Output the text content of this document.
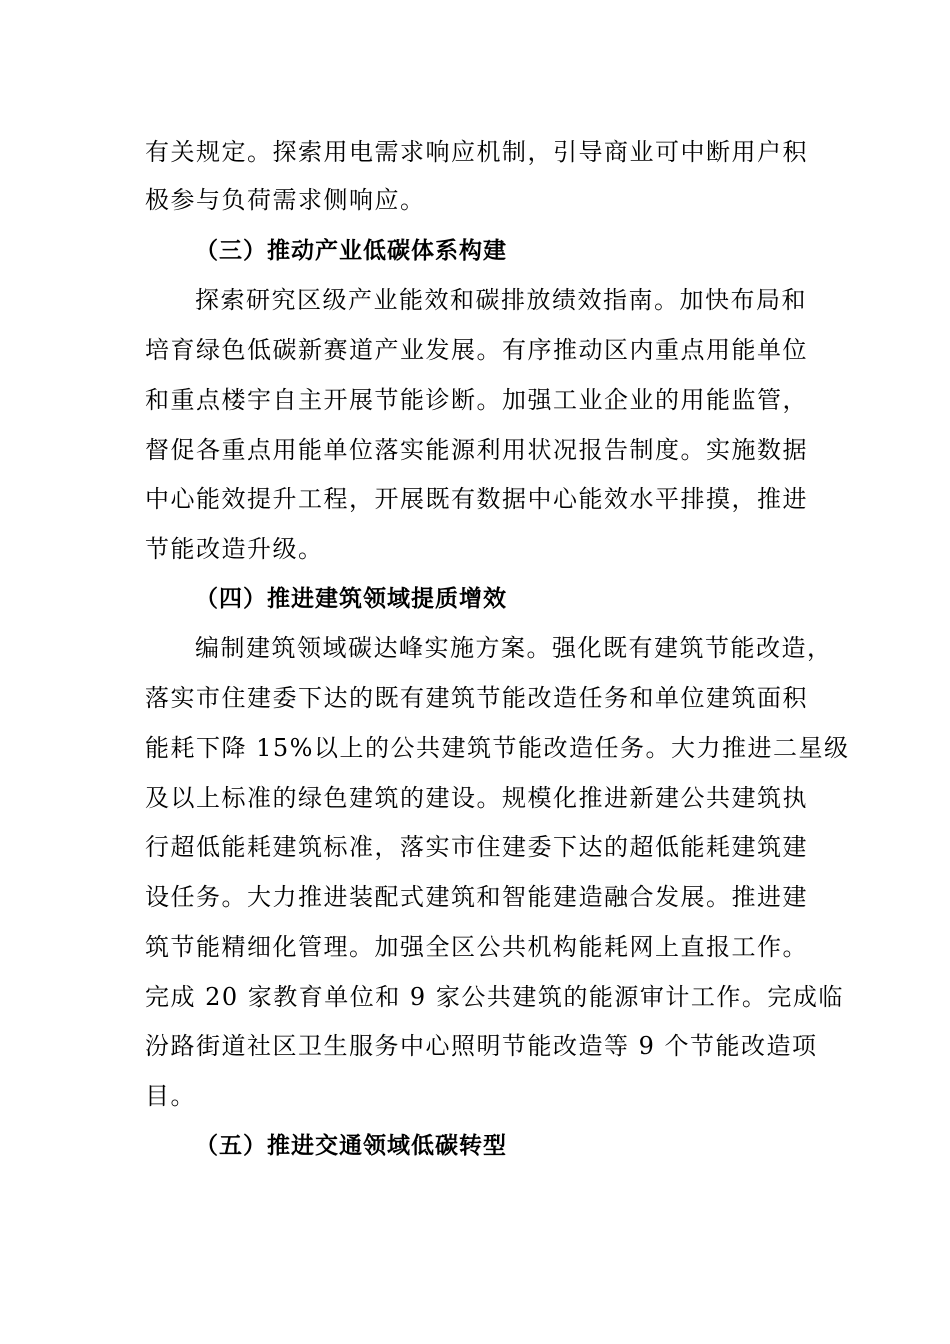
有关规定。探索用电需求响应机制，引导商业可中断用户积
极参与负荷需求侧响应。
（三）推动产业低碳体系构建
探索研究区级产业能效和碳排放绩效指南。加快布局和
培育绿色低碳新赛道产业发展。有序推动区内重点用能单位
和重点楼宇自主开展节能诊断。加强工业企业的用能监管，
督促各重点用能单位落实能源利用状况报告制度。实施数据
中心能效提升工程，开展既有数据中心能效水平排摸，推进
节能改造升级。
（四）推进建筑领域提质增效
编制建筑领域碳达峰实施方案。强化既有建筑节能改造，
落实市住建委下达的既有建筑节能改造任务和单位建筑面积
能耗下降 15%以上的公共建筑节能改造任务。大力推进二星级
及以上标准的绿色建筑的建设。规模化推进新建公共建筑执
行超低能耗建筑标准，落实市住建委下达的超低能耗建筑建
设任务。大力推进装配式建筑和智能建造融合发展。推进建
筑节能精细化管理。加强全区公共机构能耗网上直报工作。
完成 20 家教育单位和 9 家公共建筑的能源审计工作。完成临
汾路街道社区卫生服务中心照明节能改造等 9 个节能改造项
目。
（五）推进交通领域低碳转型
